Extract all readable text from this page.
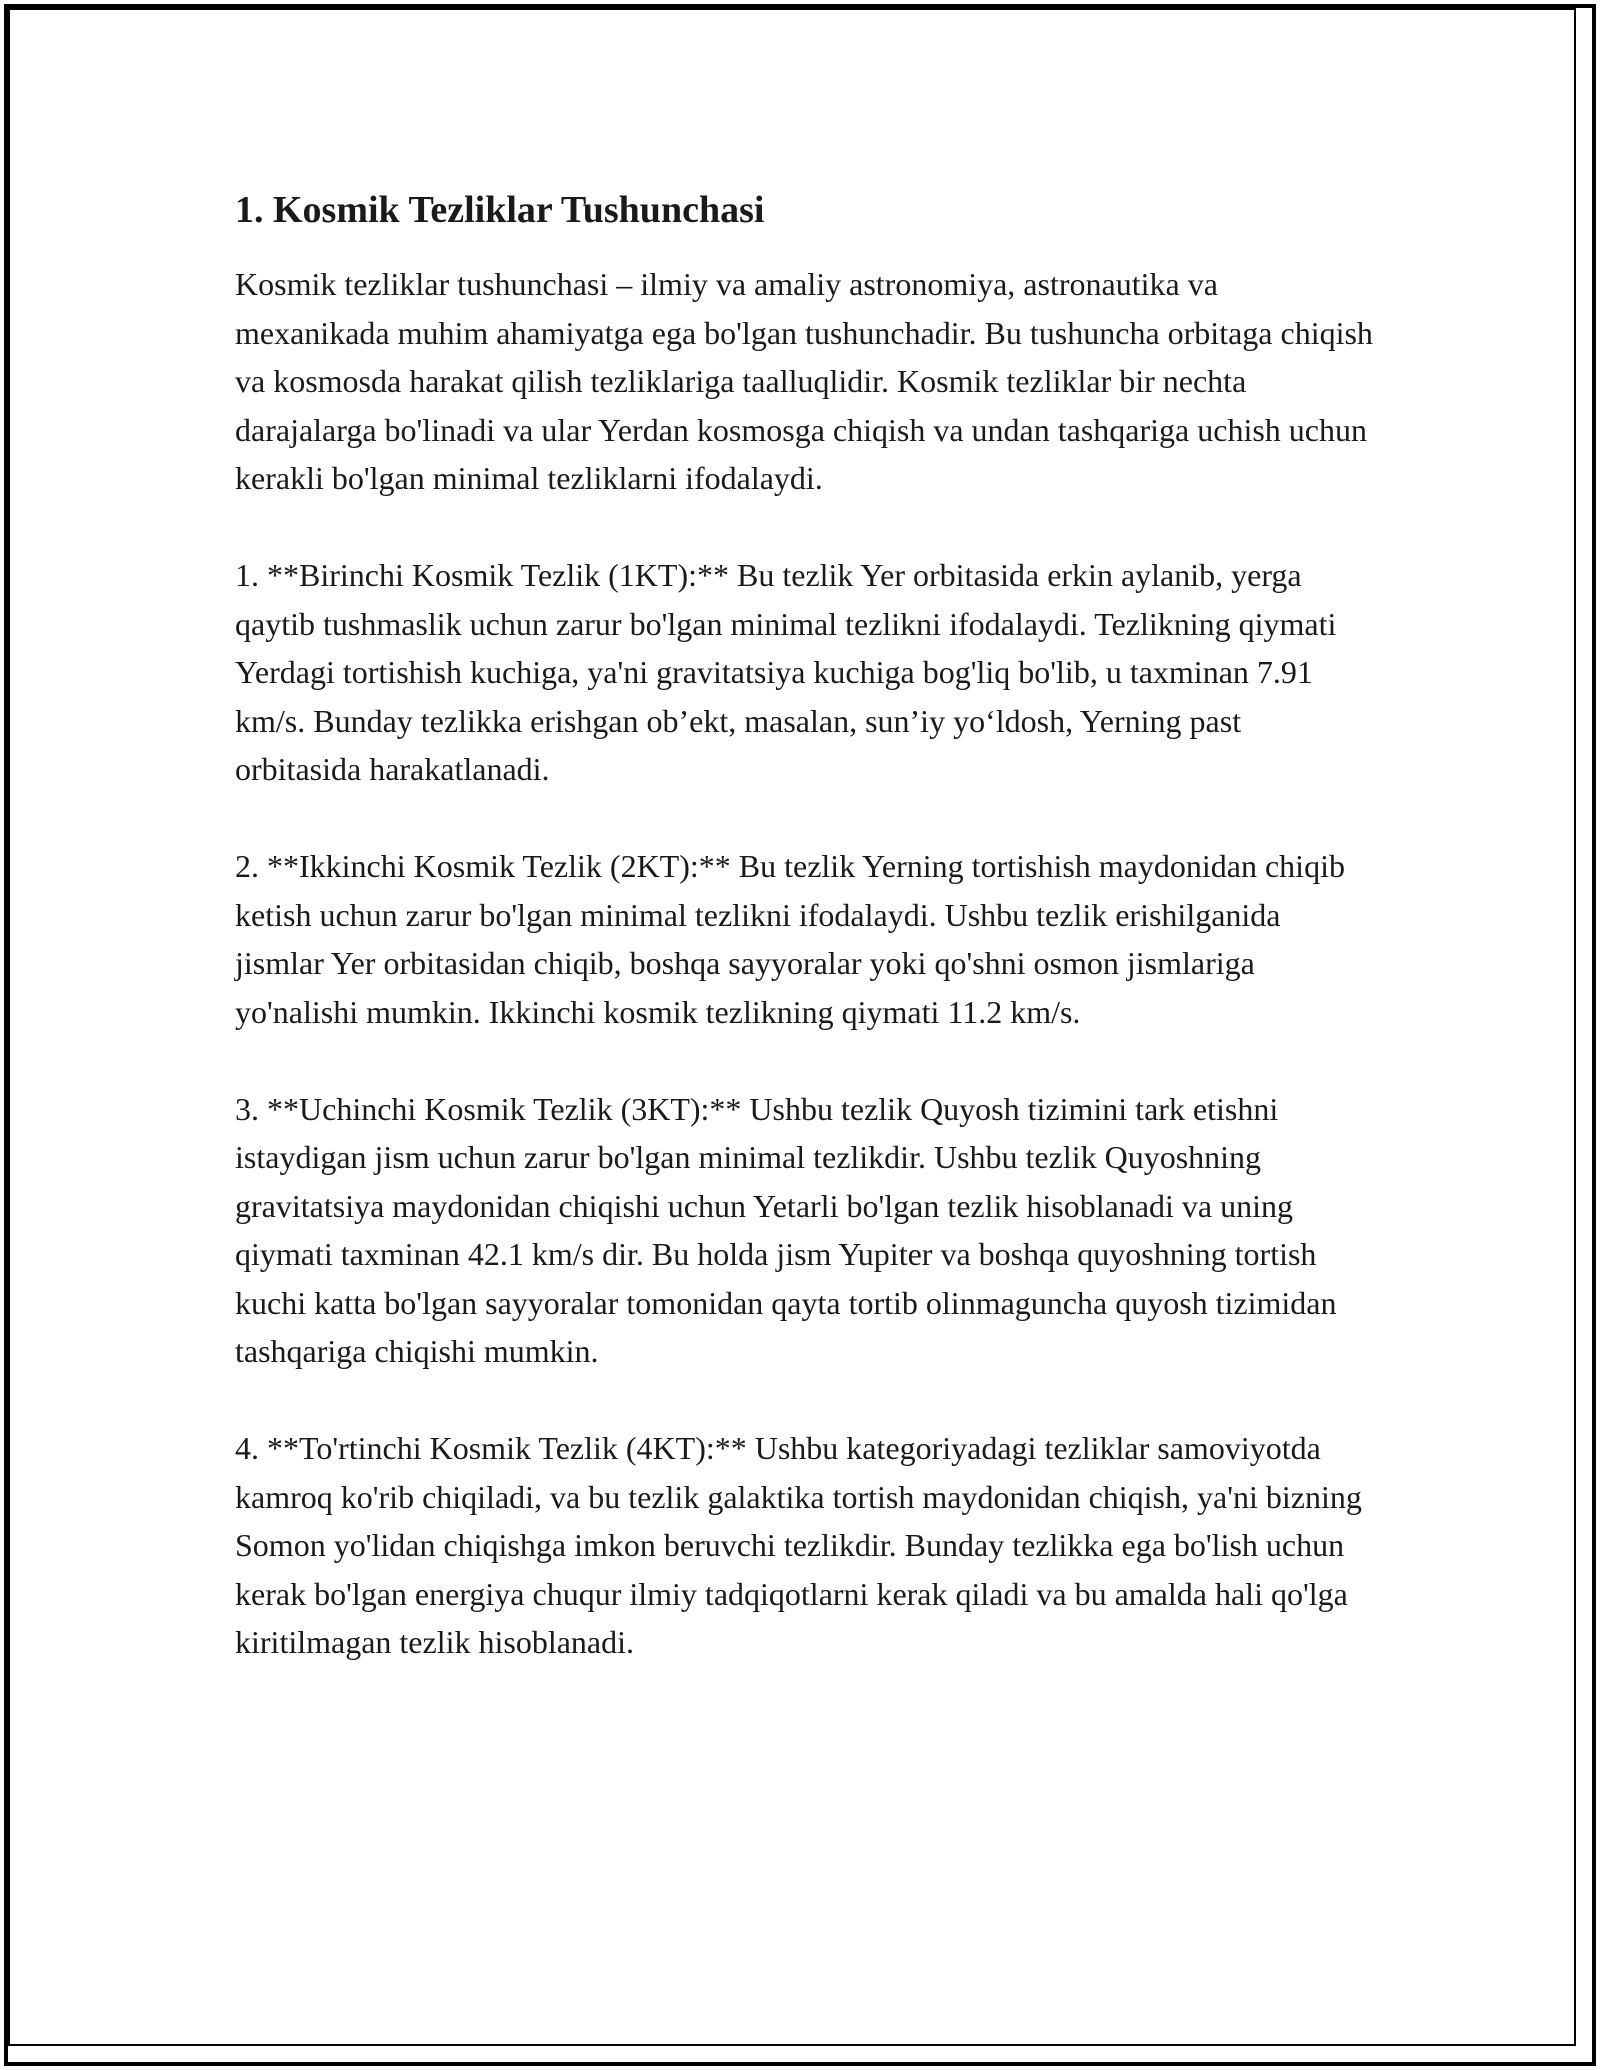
1. Kosmik Tezliklar Tushunchasi

Kosmik tezliklar tushunchasi – ilmiy va amaliy astronomiya, astronautika va mexanikada muhim ahamiyatga ega bo'lgan tushunchadir. Bu tushuncha orbitaga chiqish va kosmosda harakat qilish tezliklariga taalluqlidir. Kosmik tezliklar bir nechta darajalarga bo'linadi va ular Yerdan kosmosga chiqish va undan tashqariga uchish uchun kerakli bo'lgan minimal tezliklarni ifodalaydi.

1. **Birinchi Kosmik Tezlik (1KT):** Bu tezlik Yer orbitasida erkin aylanib, yerga qaytib tushmaslik uchun zarur bo'lgan minimal tezlikni ifodalaydi. Tezlikning qiymati Yerdagi tortishish kuchiga, ya'ni gravitatsiya kuchiga bog'liq bo'lib, u taxminan 7.91 km/s. Bunday tezlikka erishgan ob’ekt, masalan, sun’iy yo‘ldosh, Yerning past orbitasida harakatlanadi.

2. **Ikkinchi Kosmik Tezlik (2KT):** Bu tezlik Yerning tortishish maydonidan chiqib ketish uchun zarur bo'lgan minimal tezlikni ifodalaydi. Ushbu tezlik erishilganida jismlar Yer orbitasidan chiqib, boshqa sayyoralar yoki qo'shni osmon jismlariga yo'nalishi mumkin. Ikkinchi kosmik tezlikning qiymati 11.2 km/s.

3. **Uchinchi Kosmik Tezlik (3KT):** Ushbu tezlik Quyosh tizimini tark etishni istaydigan jism uchun zarur bo'lgan minimal tezlikdir. Ushbu tezlik Quyoshning gravitatsiya maydonidan chiqishi uchun Yetarli bo'lgan tezlik hisoblanadi va uning qiymati taxminan 42.1 km/s dir. Bu holda jism Yupiter va boshqa quyoshning tortish kuchi katta bo'lgan sayyoralar tomonidan qayta tortib olinmaguncha quyosh tizimidan tashqariga chiqishi mumkin.

4. **To'rtinchi Kosmik Tezlik (4KT):** Ushbu kategoriyadagi tezliklar samoviyotda kamroq ko'rib chiqiladi, va bu tezlik galaktika tortish maydonidan chiqish, ya'ni bizning Somon yo'lidan chiqishga imkon beruvchi tezlikdir. Bunday tezlikka ega bo'lish uchun kerak bo'lgan energiya chuqur ilmiy tadqiqotlarni kerak qiladi va bu amalda hali qo'lga kiritilmagan tezlik hisoblanadi.
